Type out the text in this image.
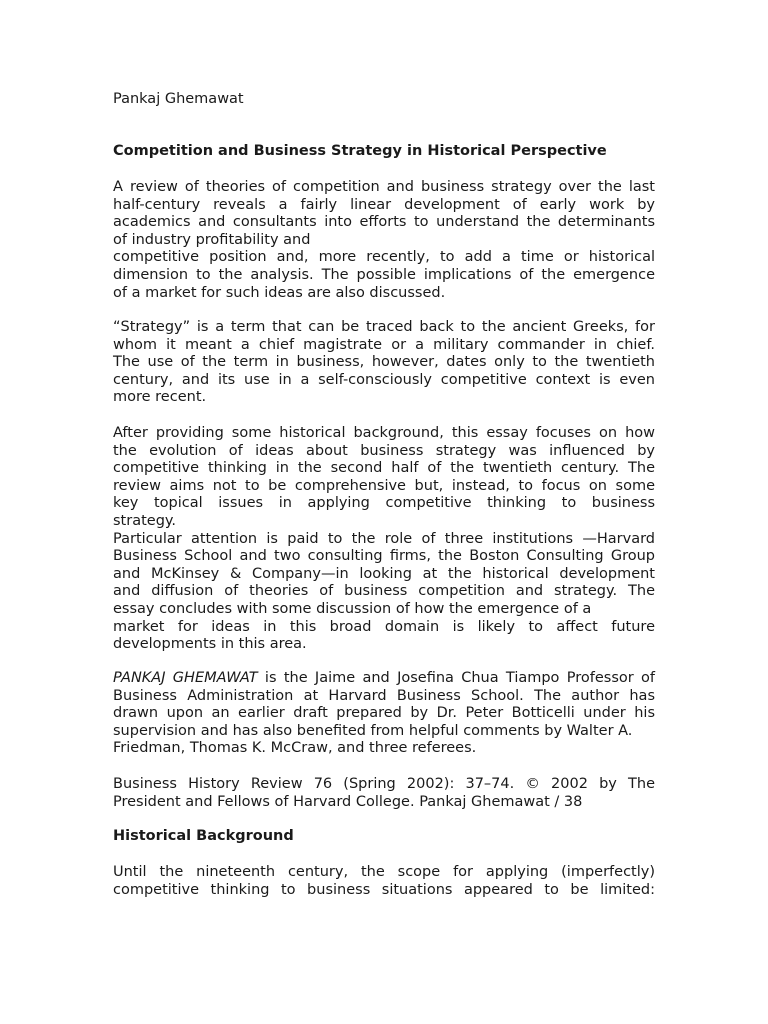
Pankaj Ghemawat

Competition and Business Strategy in Historical Perspective

A review of theories of competition and business strategy over the last
half-century reveals a fairly linear development of early work by
academics and consultants into efforts to understand the determinants
of industry profitability and
competitive position and, more recently, to add a time or historical
dimension to the analysis. The possible implications of the emergence
of a market for such ideas are also discussed.

“Strategy” is a term that can be traced back to the ancient Greeks, for
whom it meant a chief magistrate or a military commander in chief.
The use of the term in business, however, dates only to the twentieth
century, and its use in a self-consciously competitive context is even
more recent.

After providing some historical background, this essay focuses on how
the evolution of ideas about business strategy was influenced by
competitive thinking in the second half of the twentieth century. The
review aims not to be comprehensive but, instead, to focus on some
key topical issues in applying competitive thinking to business
strategy.
Particular attention is paid to the role of three institutions —Harvard
Business School and two consulting firms, the Boston Consulting Group
and McKinsey & Company—in looking at the historical development
and diffusion of theories of business competition and strategy. The
essay concludes with some discussion of how the emergence of a
market for ideas in this broad domain is likely to affect future
developments in this area.

PANKAJ GHEMAWAT is the Jaime and Josefina Chua Tiampo Professor of
Business Administration at Harvard Business School. The author has
drawn upon an earlier draft prepared by Dr. Peter Botticelli under his
supervision and has also benefited from helpful comments by Walter A.
Friedman, Thomas K. McCraw, and three referees.

Business History Review 76 (Spring 2002): 37–74. © 2002 by The
President and Fellows of Harvard College. Pankaj Ghemawat / 38

Historical Background

Until the nineteenth century, the scope for applying (imperfectly)
competitive thinking to business situations appeared to be limited:
